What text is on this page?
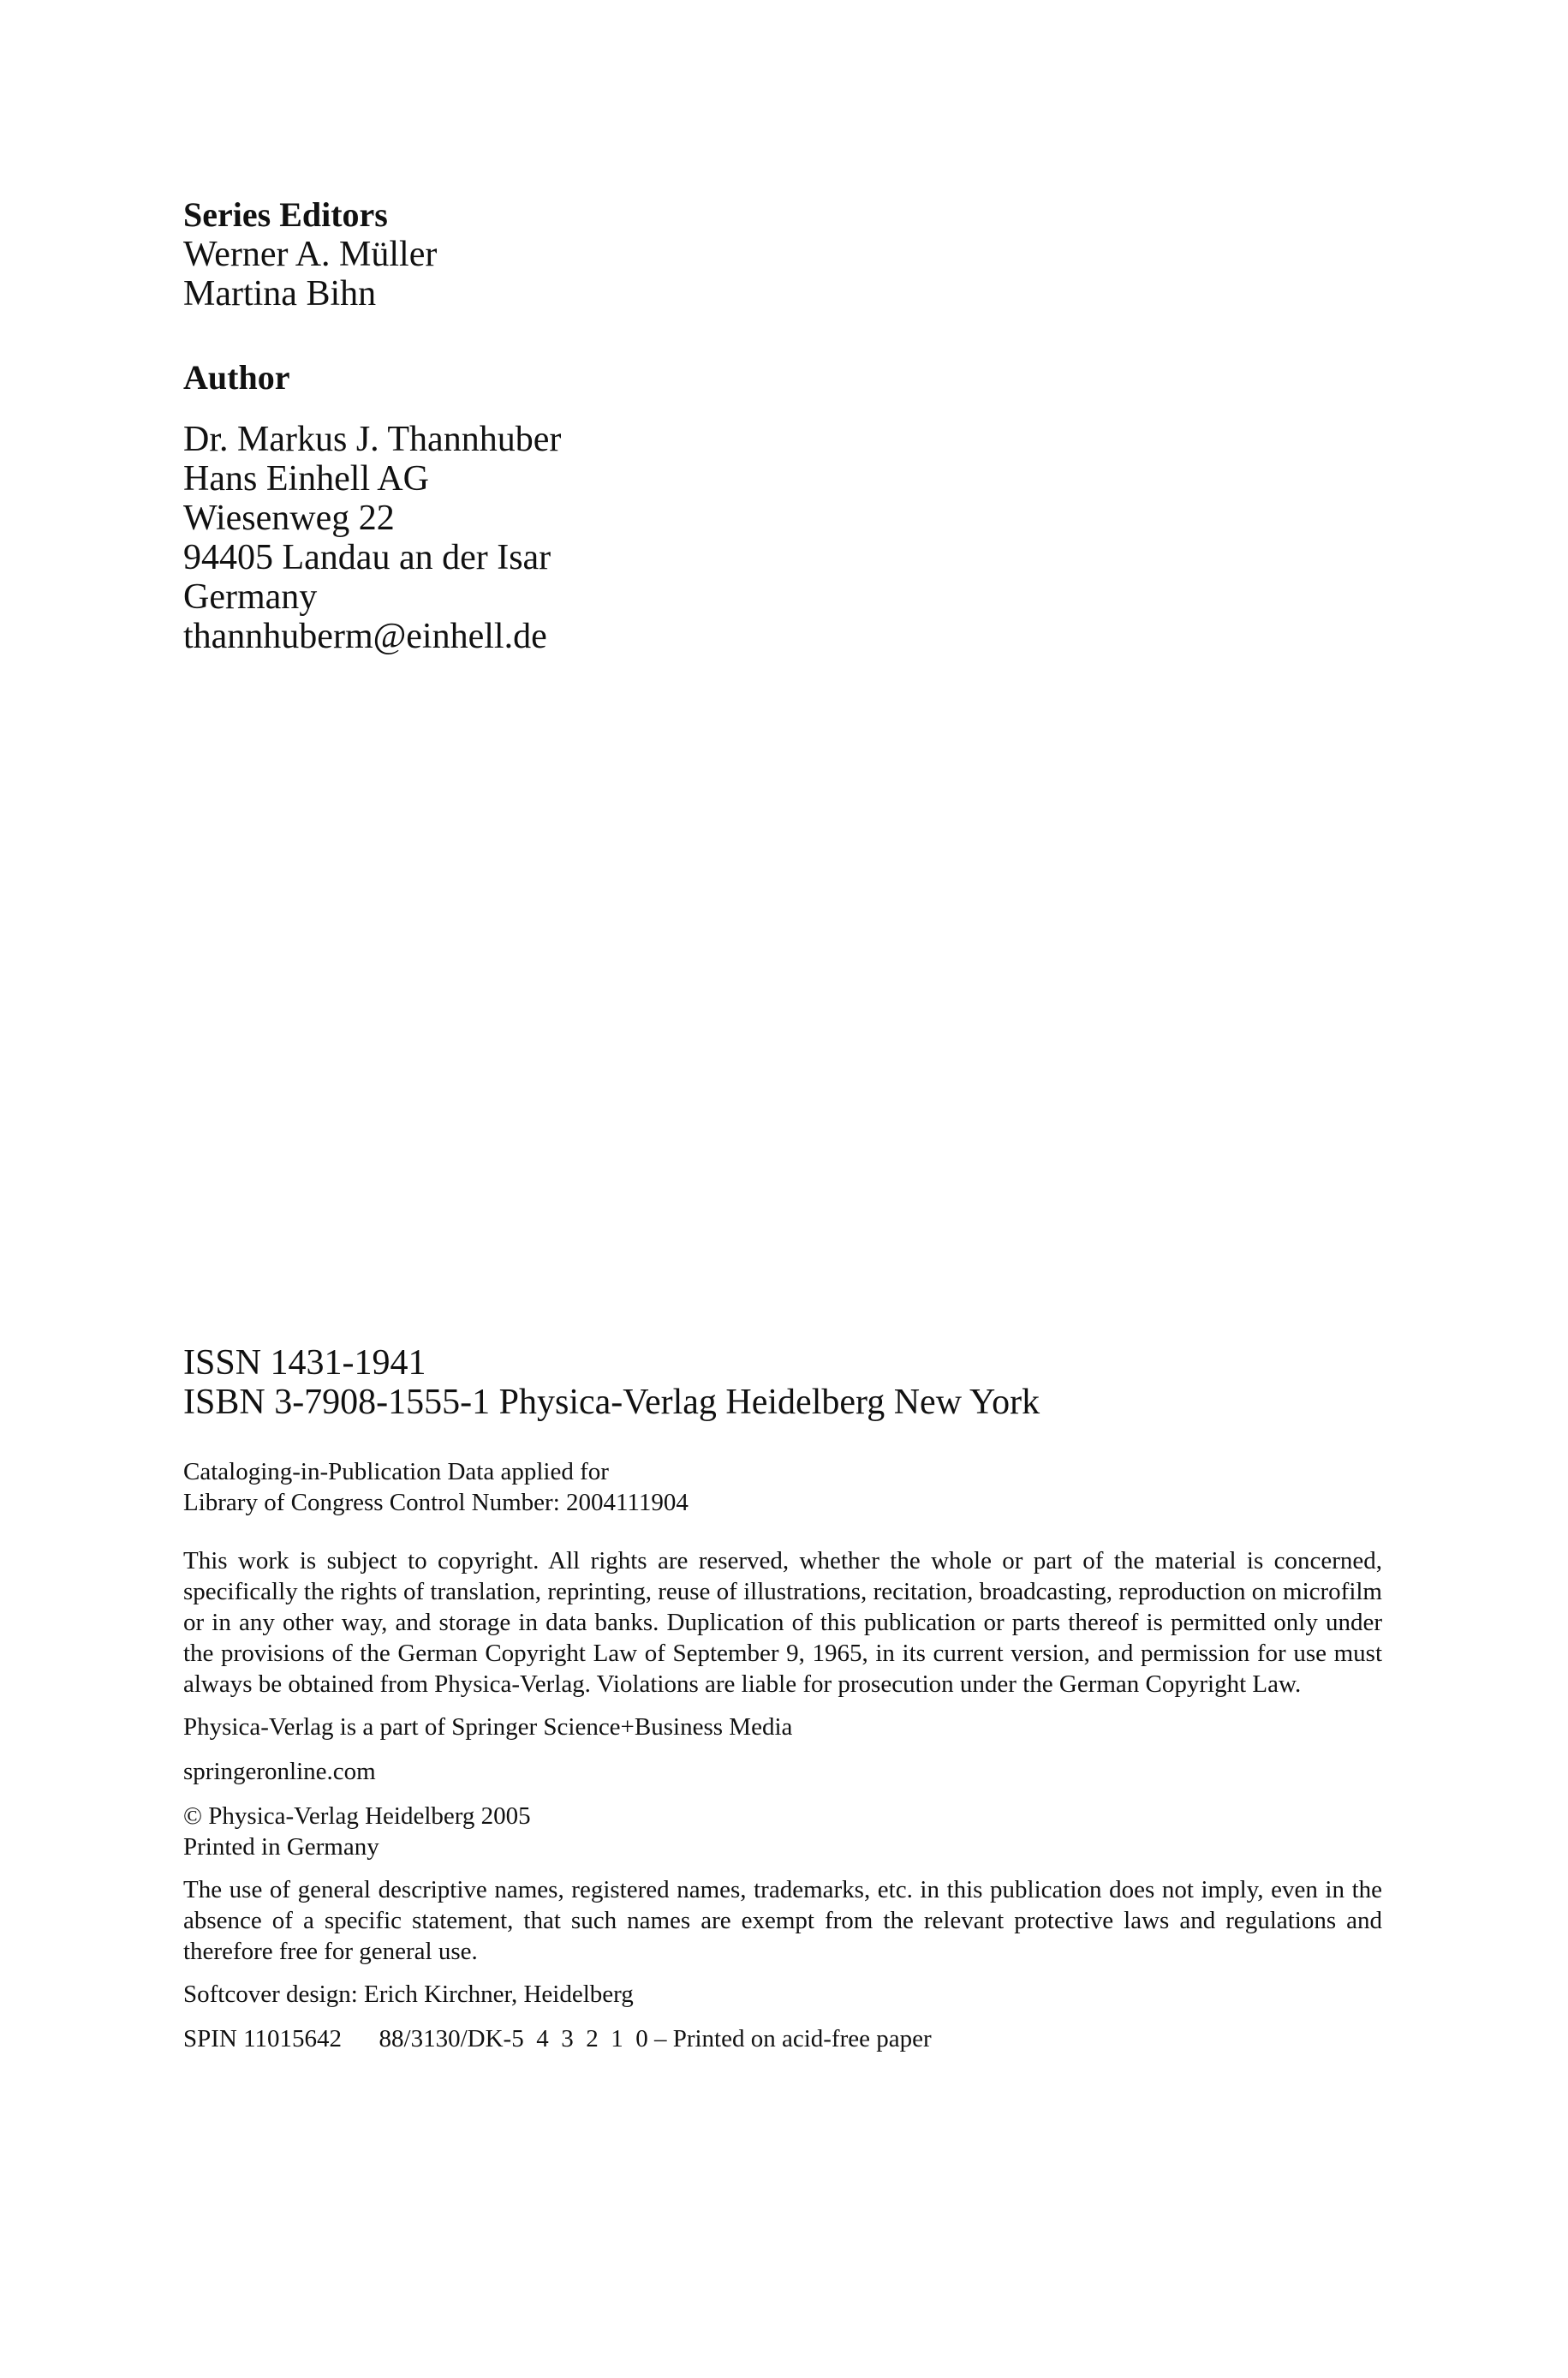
Series Editors

Werner A. Müller

Martina Bihn

Author

Dr. Markus J. Thannhuber

Hans Einhell AG

Wiesenweg 22

94405 Landau an der Isar

Germany

thannhuberm@einhell.de

ISSN 1431-1941

ISBN 3-7908-1555-1 Physica-Verlag Heidelberg New York

Cataloging-in-Publication Data applied for

Library of Congress Control Number: 2004111904

This work is subject to copyright. All rights are reserved, whether the whole or part of the material is concerned, specifically the rights of translation, reprinting, reuse of illustrations, recitation, broadcasting, reproduction on microfilm or in any other way, and storage in data banks. Duplication of this publication or parts thereof is permitted only under the provisions of the German Copyright Law of September 9, 1965, in its current version, and permission for use must always be obtained from Physica-Verlag. Violations are liable for prosecution under the German Copyright Law.

Physica-Verlag is a part of Springer Science+Business Media

springeronline.com

© Physica-Verlag Heidelberg 2005

Printed in Germany

The use of general descriptive names, registered names, trademarks, etc. in this publication does not imply, even in the absence of a specific statement, that such names are exempt from the relevant protective laws and regulations and therefore free for general use.

Softcover design: Erich Kirchner, Heidelberg

SPIN 11015642      88/3130/DK-5  4  3  2  1  0 – Printed on acid-free paper
